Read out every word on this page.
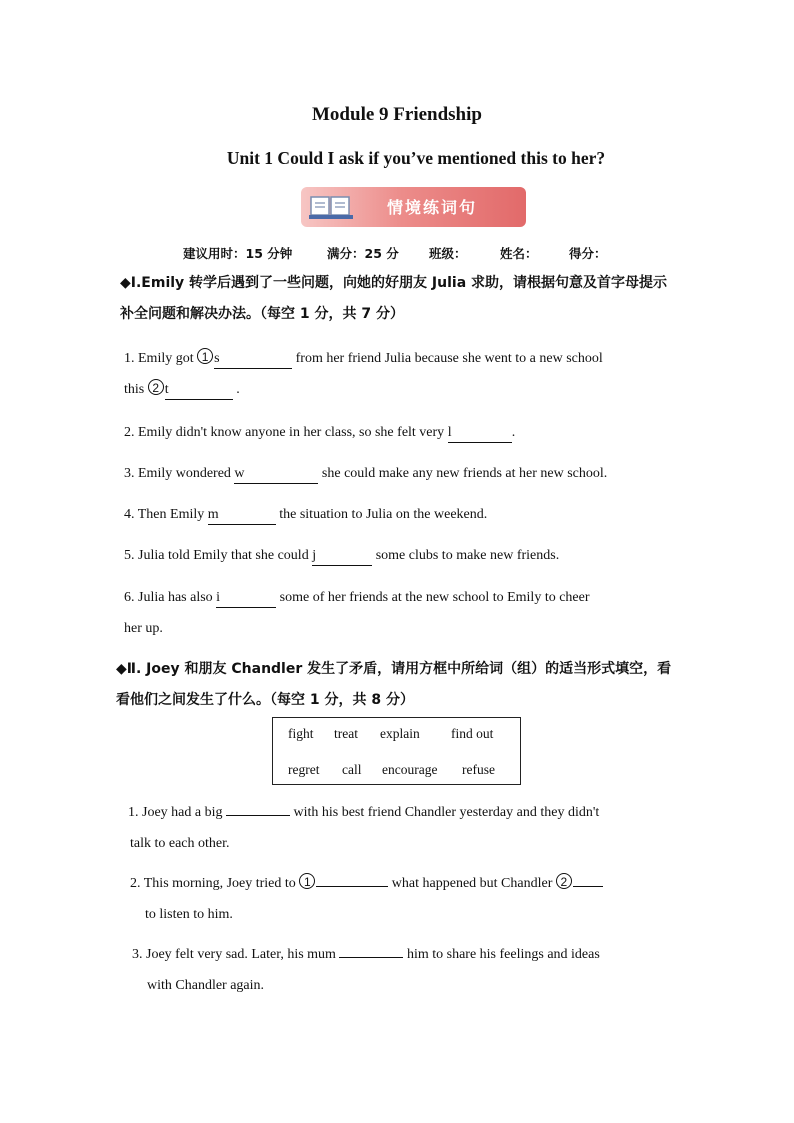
Module 9 Friendship
Unit 1 Could I ask if you’ve mentioned this to her?
情境练词句
建议用时：15 分钟	满分：25 分 班级：	姓名：	得分：
◆I.Emily 转学后遇到了一些问题，向她的好朋友 Julia 求助，请根据句意及首字母提示补全问题和解决办法。（每空 1 分，共 7 分）
1. Emily got 1 s	from her friend Julia because she went to a new school
this 2 t	.
2. Emily didn't know anyone in her class, so she felt very l	.
3. Emily wondered w	she could make any new friends at her new school.
4. Then Emily m	the situation to Julia on the weekend.
5. Julia told Emily that she could j	some clubs to make new friends.
6. Julia has also i	some of her friends at the new school to Emily to cheer
her up.
◆Ⅱ. Joey 和朋友 Chandler 发生了矛盾，请用方框中所给词（组）的适当形式填空，看看他们之间发生了什么。（每空 1 分，共 8 分）
fight treat explain find out
regret call encourage refuse
1. Joey had a big	with his best friend Chandler yesterday and they didn't
talk to each other.
2. This morning, Joey tried to 1	what happened but Chandler 2
to listen to him.
3. Joey felt very sad. Later, his mum	him to share his feelings and ideas
with Chandler again.
